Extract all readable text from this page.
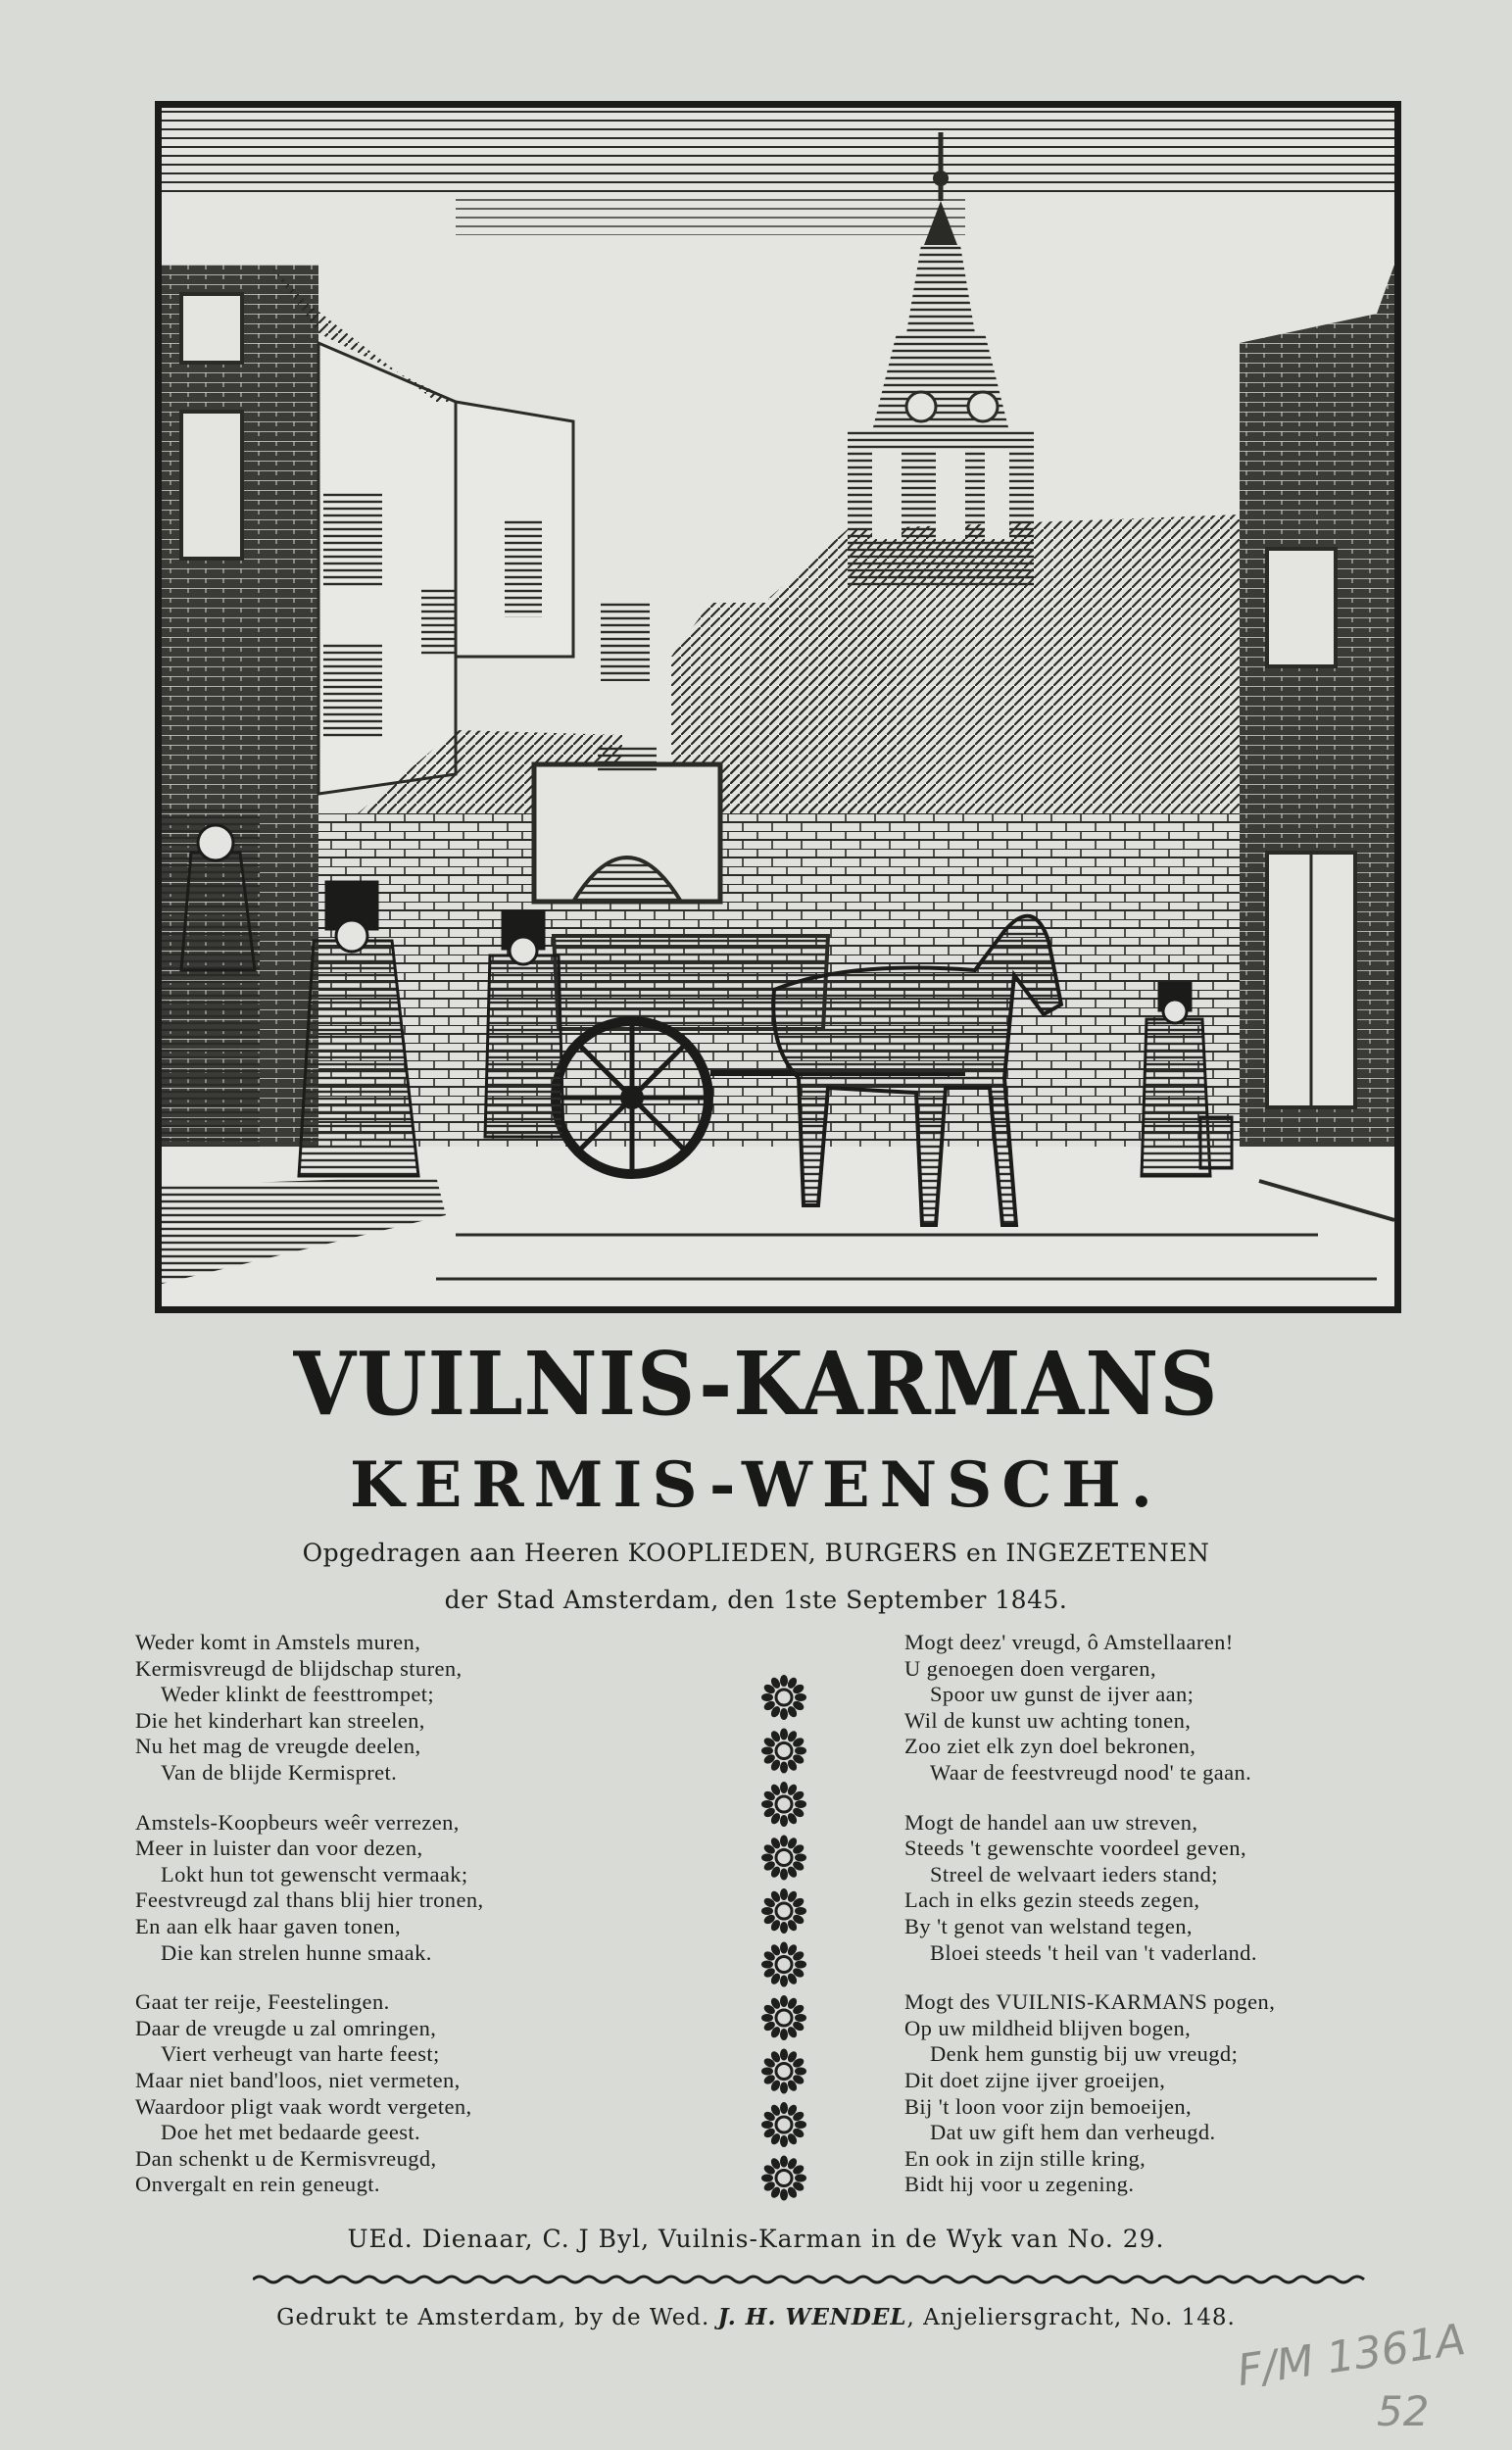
VUILNIS-KARMANS
KERMIS-WENSCH.
Opgedragen aan Heeren KOOPLIEDEN, BURGERS en INGEZETENEN
der Stad Amsterdam, den 1ste September 1845.
Weder komt in Amstels muren,
Kermisvreugd de blijdschap sturen,
Weder klinkt de feesttrompet;
Die het kinderhart kan streelen,
Nu het mag de vreugde deelen,
Van de blijde Kermispret.
Amstels-Koopbeurs weêr verrezen,
Meer in luister dan voor dezen,
Lokt hun tot gewenscht vermaak;
Feestvreugd zal thans blij hier tronen,
En aan elk haar gaven tonen,
Die kan strelen hunne smaak.
Gaat ter reije, Feestelingen.
Daar de vreugde u zal omringen,
Viert verheugt van harte feest;
Maar niet band'loos, niet vermeten,
Waardoor pligt vaak wordt vergeten,
Doe het met bedaarde geest.
Dan schenkt u de Kermisvreugd,
Onvergalt en rein geneugt.
Mogt deez' vreugd, ô Amstellaaren!
U genoegen doen vergaren,
Spoor uw gunst de ijver aan;
Wil de kunst uw achting tonen,
Zoo ziet elk zyn doel bekronen,
Waar de feestvreugd nood' te gaan.
Mogt de handel aan uw streven,
Steeds 't gewenschte voordeel geven,
Streel de welvaart ieders stand;
Lach in elks gezin steeds zegen,
By 't genot van welstand tegen,
Bloei steeds 't heil van 't vaderland.
Mogt des VUILNIS-KARMANS pogen,
Op uw mildheid blijven bogen,
Denk hem gunstig bij uw vreugd;
Dit doet zijne ijver groeijen,
Bij 't loon voor zijn bemoeijen,
Dat uw gift hem dan verheugd.
En ook in zijn stille kring,
Bidt hij voor u zegening.
UEd. Dienaar, C. J Byl, Vuilnis-Karman in de Wyk van No. 29.
Gedrukt te Amsterdam, by de Wed. J. H. WENDEL, Anjeliersgracht, No. 148.
F/M 1361A
52
